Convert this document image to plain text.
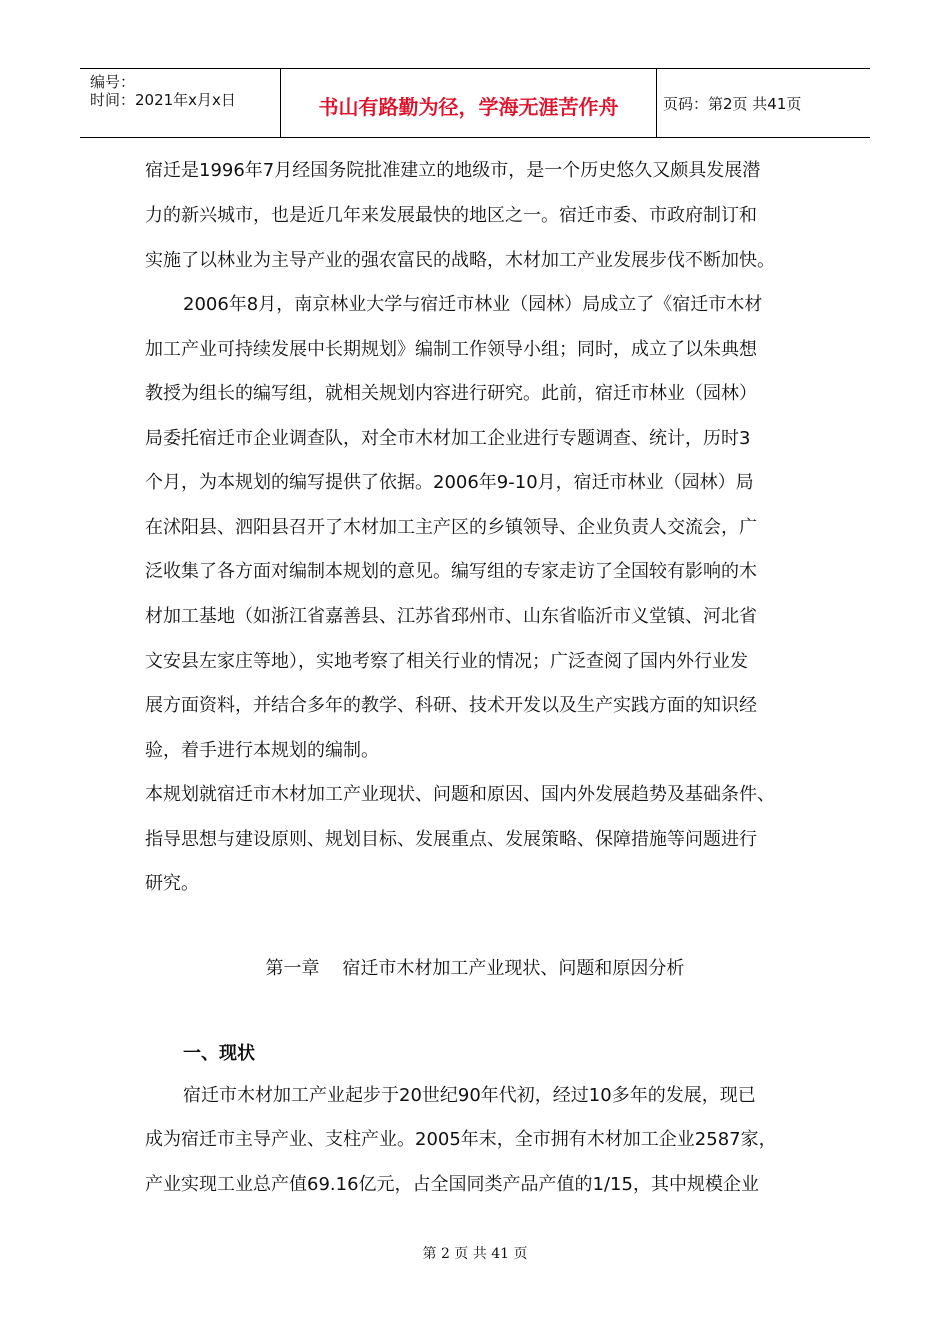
编号：
时间：2021年x月x日	书山有路勤为径，学海无涯苦作舟	页码：第2页 共41页
宿迁是1996年7月经国务院批准建立的地级市，是一个历史悠久又颇具发展潜
力的新兴城市，也是近几年来发展最快的地区之一。宿迁市委、市政府制订和
实施了以林业为主导产业的强农富民的战略，木材加工产业发展步伐不断加快。
2006年8月，南京林业大学与宿迁市林业（园林）局成立了《宿迁市木材
加工产业可持续发展中长期规划》编制工作领导小组；同时，成立了以朱典想
教授为组长的编写组，就相关规划内容进行研究。此前，宿迁市林业（园林）
局委托宿迁市企业调查队，对全市木材加工企业进行专题调查、统计，历时3
个月，为本规划的编写提供了依据。2006年9-10月，宿迁市林业（园林）局
在沭阳县、泗阳县召开了木材加工主产区的乡镇领导、企业负责人交流会，广
泛收集了各方面对编制本规划的意见。编写组的专家走访了全国较有影响的木
材加工基地（如浙江省嘉善县、江苏省邳州市、山东省临沂市义堂镇、河北省
文安县左家庄等地），实地考察了相关行业的情况；广泛查阅了国内外行业发
展方面资料，并结合多年的教学、科研、技术开发以及生产实践方面的知识经
验，着手进行本规划的编制。
本规划就宿迁市木材加工产业现状、问题和原因、国内外发展趋势及基础条件、
指导思想与建设原则、规划目标、发展重点、发展策略、保障措施等问题进行
研究。
第一章    宿迁市木材加工产业现状、问题和原因分析
一、现状
宿迁市木材加工产业起步于20世纪90年代初，经过10多年的发展，现已
成为宿迁市主导产业、支柱产业。2005年末，全市拥有木材加工企业2587家，
产业实现工业总产值69.16亿元，占全国同类产品产值的1/15，其中规模企业
第 2 页 共 41 页
